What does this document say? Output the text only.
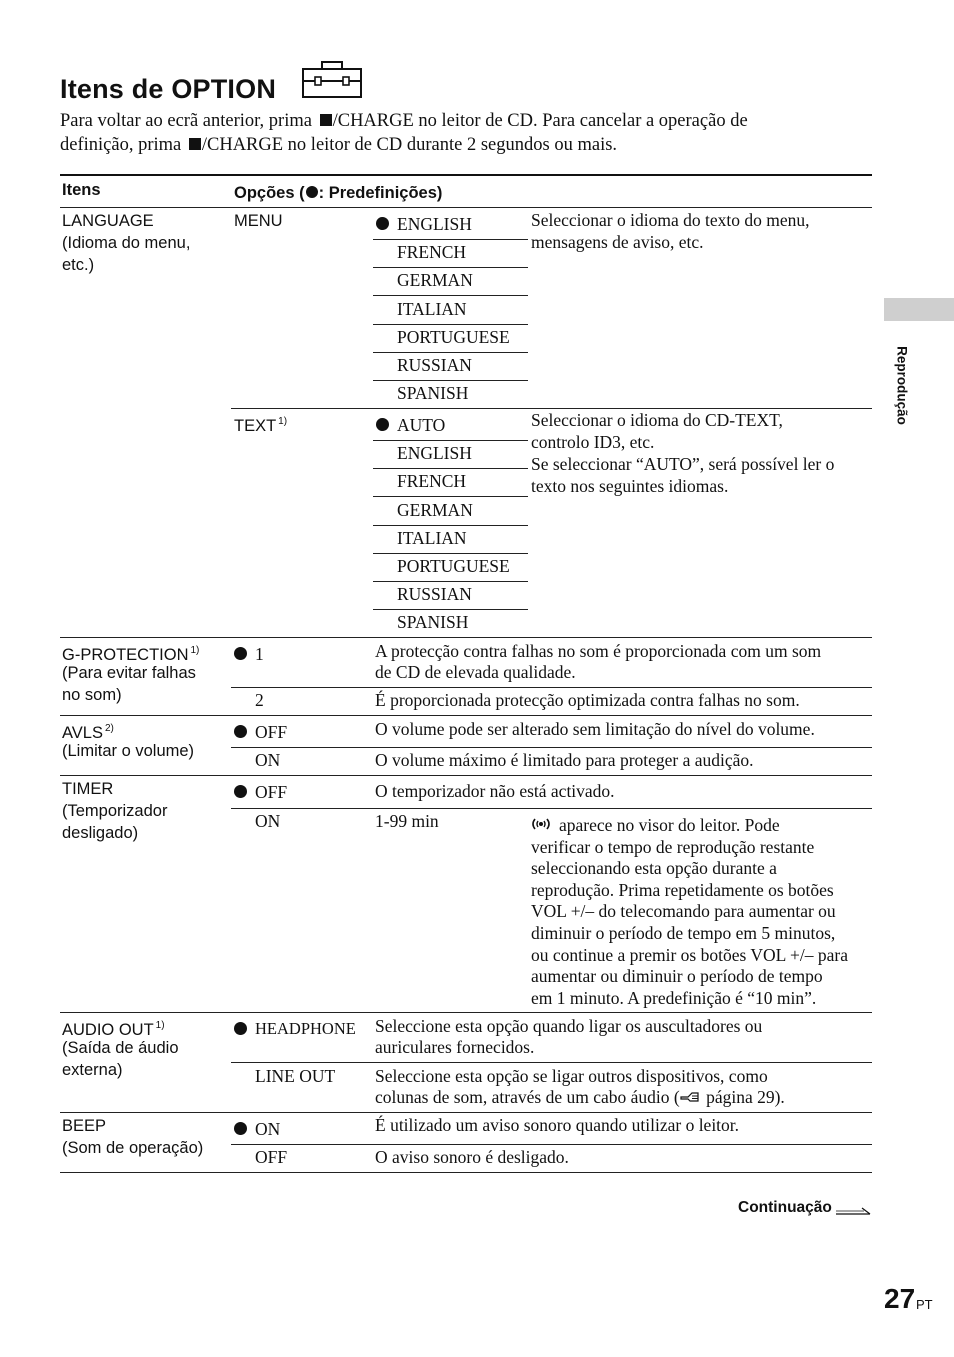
Itens de OPTION
Para voltar ao ecrã anterior, prima /CHARGE no leitor de CD. Para cancelar a operação de
definição, prima /CHARGE no leitor de CD durante 2 segundos ou mais.
Itens	Opções ( : Predefinições)
LANGUAGE
(Idioma do menu,
etc.)
MENU	ENGLISH
FRENCH
GERMAN
ITALIAN
PORTUGUESE
RUSSIAN
SPANISH
Seleccionar o idioma do texto do menu,
mensagens de aviso, etc.
TEXT $^{1)}$	AUTO
ENGLISH
FRENCH
GERMAN
ITALIAN
PORTUGUESE
RUSSIAN
SPANISH
Seleccionar o idioma do CD-TEXT,
controlo ID3, etc.
Se seleccionar “AUTO”, será possível ler o
texto nos seguintes idiomas.
G-PROTECTION $^{1)}$
(Para evitar falhas
no som)
1	A protecção contra falhas no som é proporcionada com um som
de CD de elevada qualidade.
2	É proporcionada protecção optimizada contra falhas no som.
AVLS $^{2)}$
(Limitar o volume)
OFF	O volume pode ser alterado sem limitação do nível do volume.
ON	O volume máximo é limitado para proteger a audição.
TIMER
(Temporizador
desligado)
OFF	O temporizador não está activado.
ON	1-99 min	aparece no visor do leitor. Pode
verificar o tempo de reprodução restante
seleccionando esta opção durante a
reprodução. Prima repetidamente os botões
VOL +/– do telecomando para aumentar ou
diminuir o período de tempo em 5 minutos,
ou continue a premir os botões VOL +/– para
aumentar ou diminuir o período de tempo
em 1 minuto. A predefinição é “10 min”.
AUDIO OUT $^{1)}$
(Saída de áudio
externa)
HEADPHONE Seleccione esta opção quando ligar os auscultadores ou
auriculares fornecidos.
LINE OUT Seleccione esta opção se ligar outros dispositivos, como
colunas de som, através de um cabo áudio ( página 29).
BEEP
(Som de operação)
ON	É utilizado um aviso sonoro quando utilizar o leitor.
OFF	O aviso sonoro é desligado.
Reprodução
Continuação
27 PT
